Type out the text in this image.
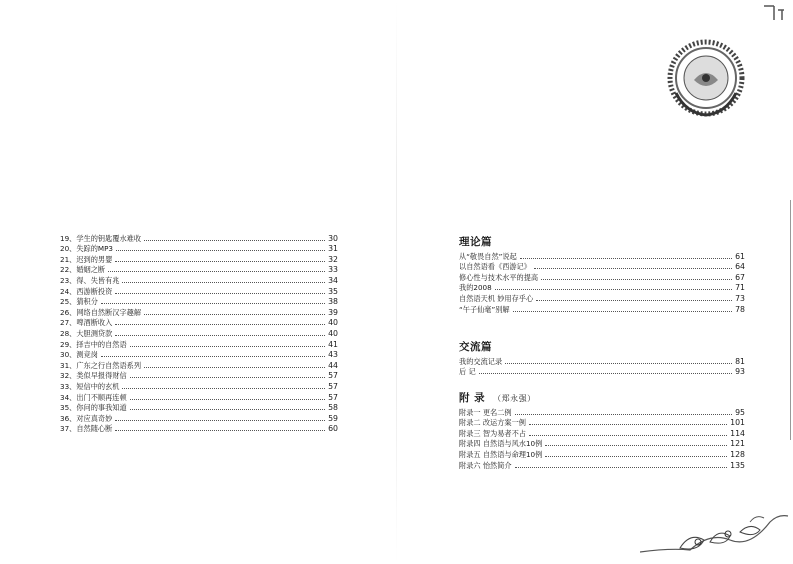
19、学生的钥匙覆水难收	30
20、失踪的MP3	31
21、迟到的男婴	32
22、婚姻之断	33
23、得、失皆有兆	34
24、西游断投资	35
25、猜积分	38
26、网络自然断汉字趣解	39
27、啤酒断收入	40
28、大胆测贷款	40
29、择吉中的自然语	41
30、测竞岗	43
31、广东之行自然语系列	44
32、类似早报得财信	57
33、短信中的玄机	57
34、出门不顺再连顿	57
35、你问的事我知道	58
36、对应真奇妙	59
37、自然随心断	60
理论篇
从“敬畏自然”说起	61
以自然语看《西游记》	64
修心性与技术水平的提高	67
我的2008	71
自然语天机 妙用存乎心	73
“午子仙毫”别解	78
交流篇
我的交流记录	81
后 记	93
附 录 （郑永强）
附录一 更名二例	95
附录二 改运方案一例	101
附录三 智为易者不占	114
附录四 自然语与风水10例	121
附录五 自然语与命理10例	128
附录六 怡然简介	135
